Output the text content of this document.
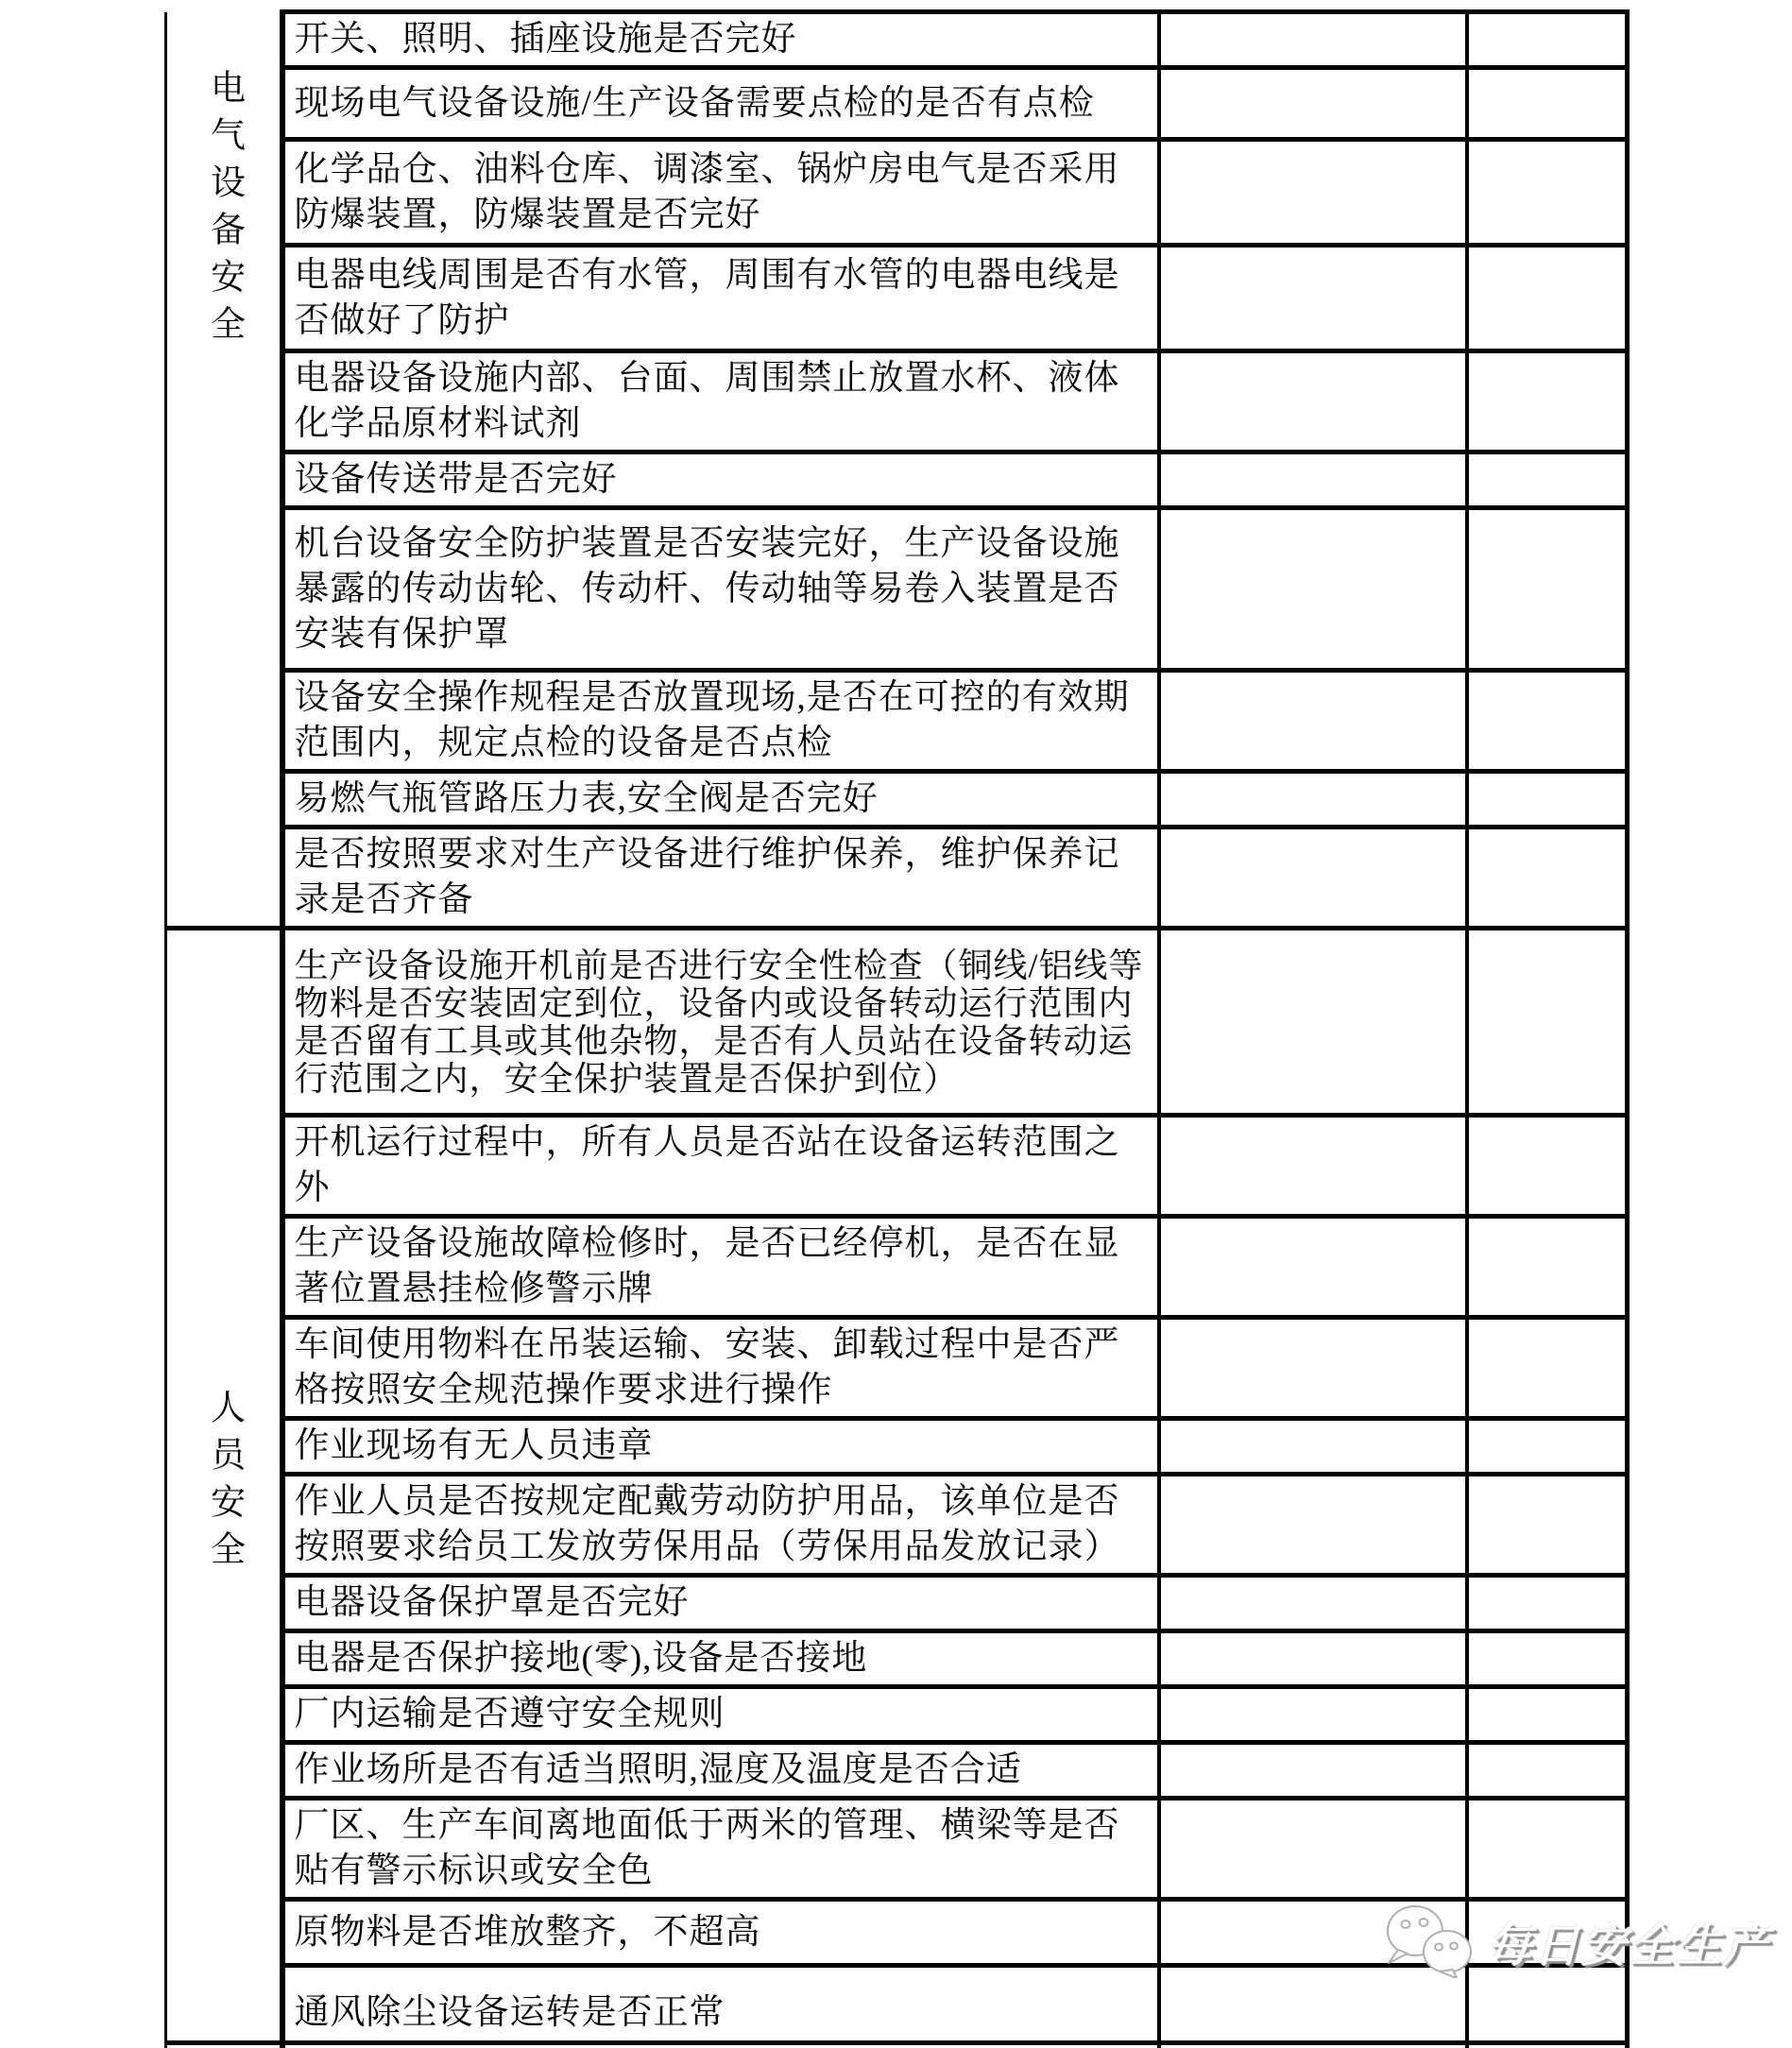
电气设备安全	开关、照明、插座设施是否完好		
	现场电气设备设施/生产设备需要点检的是否有点检		
	化学品仓、油料仓库、调漆室、锅炉房电气是否采用防爆装置，防爆装置是否完好		
	电器电线周围是否有水管，周围有水管的电器电线是否做好了防护		
	电器设备设施内部、台面、周围禁止放置水杯、液体化学品原材料试剂		
	设备传送带是否完好		
	机台设备安全防护装置是否安装完好，生产设备设施暴露的传动齿轮、传动杆、传动轴等易卷入装置是否安装有保护罩		
	设备安全操作规程是否放置现场,是否在可控的有效期范围内，规定点检的设备是否点检		
	易燃气瓶管路压力表,安全阀是否完好		
	是否按照要求对生产设备进行维护保养，维护保养记录是否齐备		
人员安全	生产设备设施开机前是否进行安全性检查（铜线/铝线等物料是否安装固定到位，设备内或设备转动运行范围内是否留有工具或其他杂物，是否有人员站在设备转动运行范围之内，安全保护装置是否保护到位）		
	开机运行过程中，所有人员是否站在设备运转范围之外		
	生产设备设施故障检修时，是否已经停机，是否在显著位置悬挂检修警示牌		
	车间使用物料在吊装运输、安装、卸载过程中是否严格按照安全规范操作要求进行操作		
	作业现场有无人员违章		
	作业人员是否按规定配戴劳动防护用品，该单位是否按照要求给员工发放劳保用品（劳保用品发放记录）		
	电器设备保护罩是否完好		
	电器是否保护接地(零),设备是否接地		
	厂内运输是否遵守安全规则		
	作业场所是否有适当照明,湿度及温度是否合适		
	厂区、生产车间离地面低于两米的管理、横梁等是否贴有警示标识或安全色		
	原物料是否堆放整齐，不超高		
	通风除尘设备运转是否正常		

每日安全生产
